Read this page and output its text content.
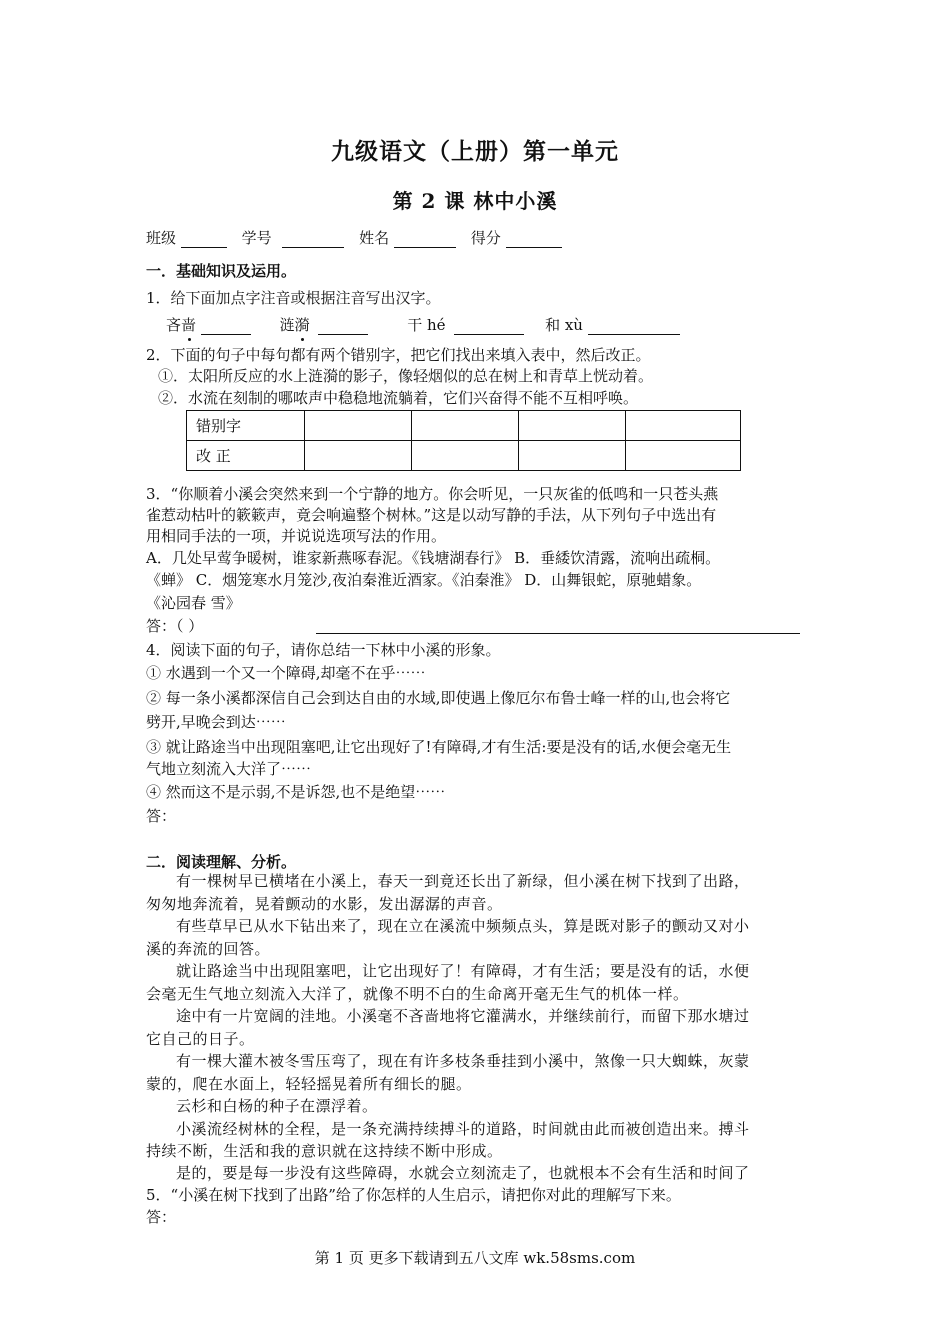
九级语文（上册）第一单元
第 2 课 林中小溪
班级	学号	姓名	得分
一．基础知识及运用。
1．给下面加点字注音或根据注音写出汉字。
吝啬	涟漪	干 hé	和 xù
2．下面的句子中每句都有两个错别字，把它们找出来填入表中，然后改正。
①．太阳所反应的水上涟漪的影子，像轻烟似的总在树上和青草上恍动着。
②．水流在刻制的哪哝声中稳稳地流躺着，它们兴奋得不能不互相呼唤。
错别字				
改 正				
3．“你顺着小溪会突然来到一个宁静的地方。你会听见，一只灰雀的低鸣和一只苍头燕
雀惹动枯叶的簌簌声，竟会响遍整个树林。”这是以动写静的手法，从下列句子中选出有
用相同手法的一项，并说说选项写法的作用。
A．几处早莺争暖树，谁家新燕啄春泥。《钱塘湖春行》 B．垂緌饮清露，流响出疏桐。
《蝉》 C．烟笼寒水月笼沙,夜泊秦淮近酒家。《泊秦淮》 D．山舞银蛇，原驰蜡象。
《沁园春 雪》
答：（ ）
4．阅读下面的句子，请你总结一下林中小溪的形象。
① 水遇到一个又一个障碍,却毫不在乎⋯⋯
② 每一条小溪都深信自己会到达自由的水域,即使遇上像厄尔布鲁士峰一样的山,也会将它
劈开,早晚会到达⋯⋯
③ 就让路途当中出现阻塞吧,让它出现好了!有障碍,才有生活:要是没有的话,水便会毫无生
气地立刻流入大洋了⋯⋯
④ 然而这不是示弱,不是诉怨,也不是绝望⋯⋯
答：
二．阅读理解、分析。
有一棵树早已横堵在小溪上，春天一到竟还长出了新绿，但小溪在树下找到了出路，
匆匆地奔流着，晃着颤动的水影，发出潺潺的声音。
有些草早已从水下钻出来了，现在立在溪流中频频点头，算是既对影子的颤动又对小
溪的奔流的回答。
就让路途当中出现阻塞吧，让它出现好了！有障碍，才有生活；要是没有的话，水便
会毫无生气地立刻流入大洋了，就像不明不白的生命离开毫无生气的机体一样。
途中有一片宽阔的洼地。小溪毫不吝啬地将它灌满水，并继续前行，而留下那水塘过
它自己的日子。
有一棵大灌木被冬雪压弯了，现在有许多枝条垂挂到小溪中，煞像一只大蜘蛛，灰蒙
蒙的，爬在水面上，轻轻摇晃着所有细长的腿。
云杉和白杨的种子在漂浮着。
小溪流经树林的全程，是一条充满持续搏斗的道路，时间就由此而被创造出来。搏斗
持续不断，生活和我的意识就在这持续不断中形成。
是的，要是每一步没有这些障碍，水就会立刻流走了，也就根本不会有生活和时间了
5．“小溪在树下找到了出路”给了你怎样的人生启示，请把你对此的理解写下来。
答：
第 1 页 更多下载请到五八文库 wk.58sms.com
